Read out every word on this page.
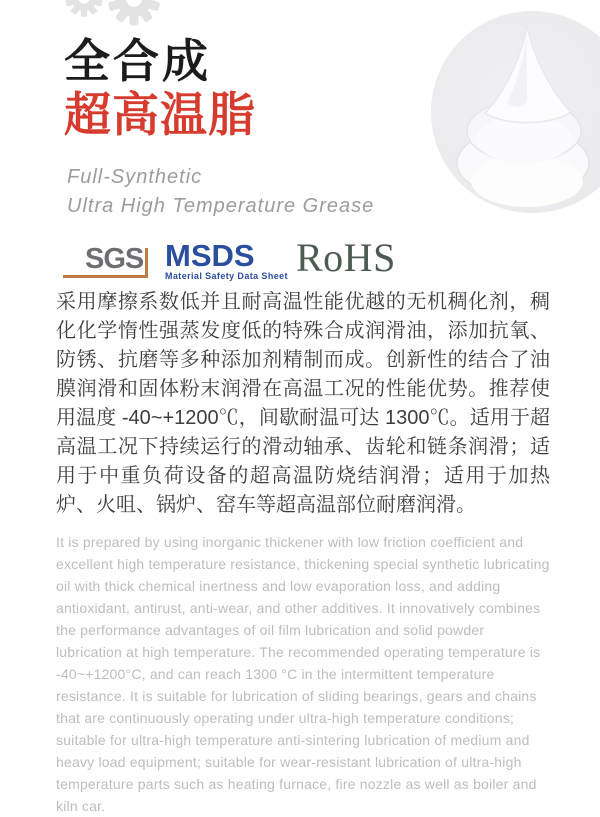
全合成
超高温脂
Full-Synthetic
Ultra High Temperature Grease
SGS MSDS
Material Safety Data Sheet RoHS

采用摩擦系数低并且耐高温性能优越的无机稠化剂，稠化化学惰性强蒸发度低的特殊合成润滑油，添加抗氧、防锈、抗磨等多种添加剂精制而成。创新性的结合了油膜润滑和固体粉末润滑在高温工况的性能优势。推荐使用温度 -40~+1200℃，间歇耐温可达 1300℃。适用于超高温工况下持续运行的滑动轴承、齿轮和链条润滑；适用于中重负荷设备的超高温防烧结润滑；适用于加热炉、火咀、锅炉、窑车等超高温部位耐磨润滑。

It is prepared by using inorganic thickener with low friction coefficient and excellent high temperature resistance, thickening special synthetic lubricating oil with thick chemical inertness and low evaporation loss, and adding antioxidant, antirust, anti-wear, and other additives. It innovatively combines the performance advantages of oil film lubrication and solid powder lubrication at high temperature. The recommended operating temperature is -40~+1200°C, and can reach 1300 °C in the intermittent temperature resistance. It is suitable for lubrication of sliding bearings, gears and chains that are continuously operating under ultra-high temperature conditions; suitable for ultra-high temperature anti-sintering lubrication of medium and heavy load equipment; suitable for wear-resistant lubrication of ultra-high temperature parts such as heating furnace, fire nozzle as well as boiler and kiln car.
